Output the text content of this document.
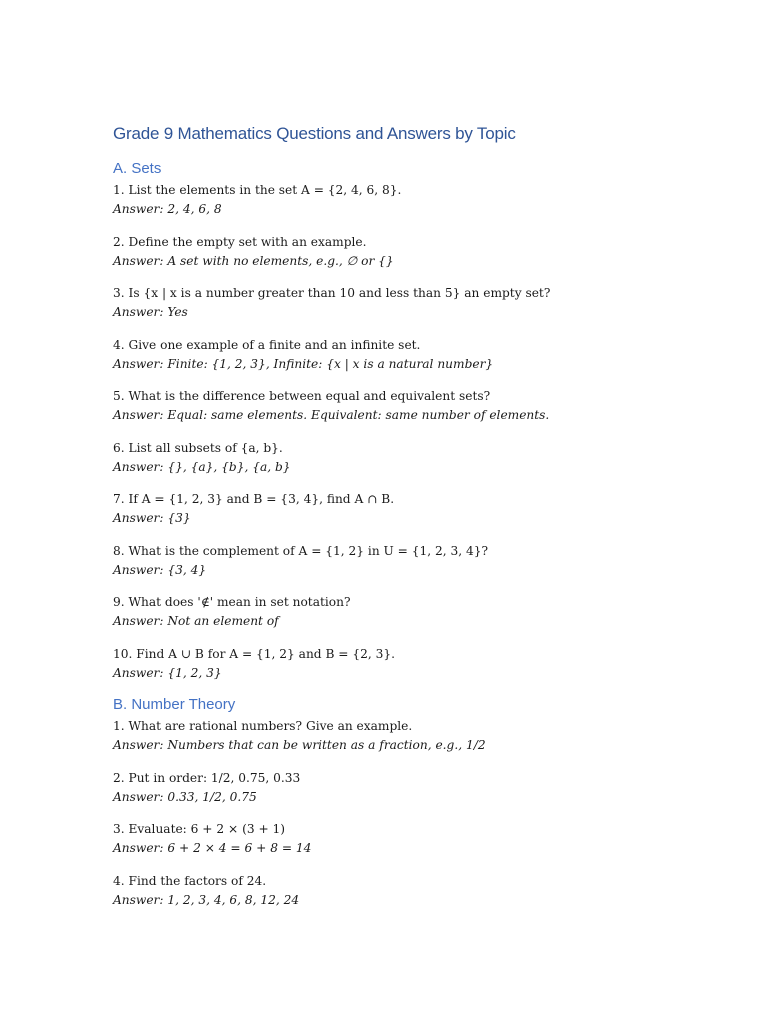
Grade 9 Mathematics Questions and Answers by Topic
A. Sets
1. List the elements in the set A = {2, 4, 6, 8}.
Answer: 2, 4, 6, 8
2. Define the empty set with an example.
Answer: A set with no elements, e.g., ∅ or {}
3. Is {x | x is a number greater than 10 and less than 5} an empty set?
Answer: Yes
4. Give one example of a finite and an infinite set.
Answer: Finite: {1, 2, 3}, Infinite: {x | x is a natural number}
5. What is the difference between equal and equivalent sets?
Answer: Equal: same elements. Equivalent: same number of elements.
6. List all subsets of {a, b}.
Answer: {}, {a}, {b}, {a, b}
7. If A = {1, 2, 3} and B = {3, 4}, find A ∩ B.
Answer: {3}
8. What is the complement of A = {1, 2} in U = {1, 2, 3, 4}?
Answer: {3, 4}
9. What does '∉' mean in set notation?
Answer: Not an element of
10. Find A ∪ B for A = {1, 2} and B = {2, 3}.
Answer: {1, 2, 3}
B. Number Theory
1. What are rational numbers? Give an example.
Answer: Numbers that can be written as a fraction, e.g., 1/2
2. Put in order: 1/2, 0.75, 0.33
Answer: 0.33, 1/2, 0.75
3. Evaluate: 6 + 2 × (3 + 1)
Answer: 6 + 2 × 4 = 6 + 8 = 14
4. Find the factors of 24.
Answer: 1, 2, 3, 4, 6, 8, 12, 24
